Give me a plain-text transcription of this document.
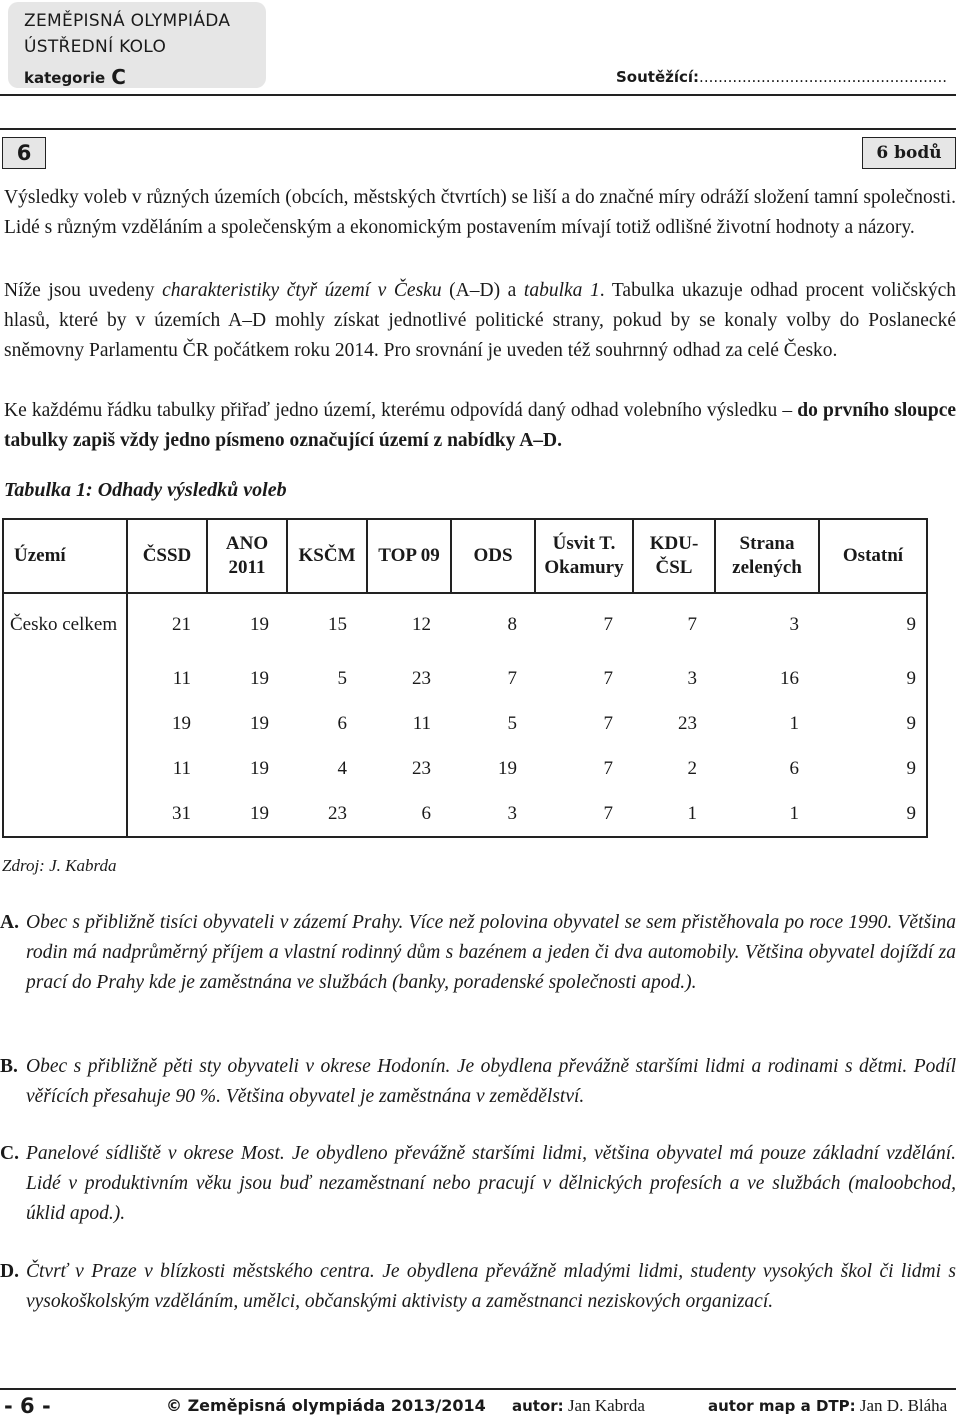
ZEMĚPISNÁ OLYMPIÁDA
ÚSTŘEDNÍ KOLO
kategorie C	Soutěžící:....................................................
6	6 bodů
Výsledky voleb v různých územích (obcích, městských čtvrtích) se liší a do značné míry odráží složení tamní společnosti. Lidé s různým vzděláním a společenským a ekonomickým postavením mívají totiž odlišné životní hodnoty a názory.
Níže jsou uvedeny charakteristiky čtyř území v Česku (A–D) a tabulka 1. Tabulka ukazuje odhad procent voličských hlasů, které by v územích A–D mohly získat jednotlivé politické strany, pokud by se konaly volby do Poslanecké sněmovny Parlamentu ČR počátkem roku 2014. Pro srovnání je uveden též souhrnný odhad za celé Česko.
Ke každému řádku tabulky přiřaď jedno území, kterému odpovídá daný odhad volebního výsledku – do prvního sloupce tabulky zapiš vždy jedno písmeno označující území z nabídky A–D.
Tabulka 1: Odhady výsledků voleb
Území	ČSSD	ANO 2011	KSČM	TOP 09	ODS	Úsvit T. Okamury	KDU-ČSL	Strana zelených	Ostatní
Česko celkem	21	19	15	12	8	7	7	3	9
	11	19	5	23	7	7	3	16	9
	19	19	6	11	5	7	23	1	9
	11	19	4	23	19	7	2	6	9
	31	19	23	6	3	7	1	1	9
Zdroj: J. Kabrda
A. Obec s přibližně tisíci obyvateli v zázemí Prahy. Více než polovina obyvatel se sem přistěhovala po roce 1990. Většina rodin má nadprůměrný příjem a vlastní rodinný dům s bazénem a jeden či dva automobily. Většina obyvatel dojíždí za prací do Prahy kde je zaměstnána ve službách (banky, poradenské společnosti apod.).
B. Obec s přibližně pěti sty obyvateli v okrese Hodonín. Je obydlena převážně staršími lidmi a rodinami s dětmi. Podíl věřících přesahuje 90 %. Většina obyvatel je zaměstnána v zemědělství.
C. Panelové sídliště v okrese Most. Je obydleno převážně staršími lidmi, většina obyvatel má pouze základní vzdělání. Lidé v produktivním věku jsou buď nezaměstnaní nebo pracují v dělnických profesích a ve službách (maloobchod, úklid apod.).
D. Čtvrť v Praze v blízkosti městského centra. Je obydlena převážně mladými lidmi, studenty vysokých škol či lidmi s vysokoškolským vzděláním, umělci, občanskými aktivisty a zaměstnanci neziskových organizací.
- 6 -	© Zeměpisná olympiáda 2013/2014 autor: Jan Kabrda	autor map a DTP: Jan D. Bláha
